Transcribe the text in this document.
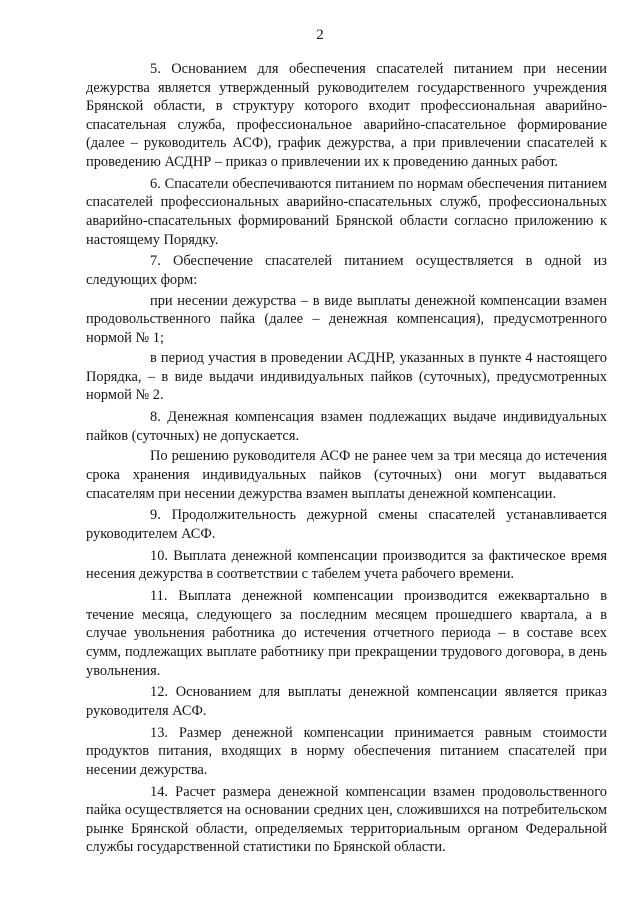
2

5. Основанием для обеспечения спасателей питанием при несении дежурства является утвержденный руководителем государственного учреждения Брянской области, в структуру которого входит профессиональная аварийно-спасательная служба, профессиональное аварийно-спасательное формирование (далее – руководитель АСФ), график дежурства, а при привлечении спасателей к проведению АСДНР – приказ о привлечении их к проведению данных работ.

6. Спасатели обеспечиваются питанием по нормам обеспечения питанием спасателей профессиональных аварийно-спасательных служб, профессиональных аварийно-спасательных формирований Брянской области согласно приложению к настоящему Порядку.

7. Обеспечение спасателей питанием осуществляется в одной из следующих форм:

при несении дежурства – в виде выплаты денежной компенсации взамен продовольственного пайка (далее – денежная компенсация), предусмотренного нормой № 1;

в период участия в проведении АСДНР, указанных в пункте 4 настоящего Порядка, – в виде выдачи индивидуальных пайков (суточных), предусмотренных нормой № 2.

8. Денежная компенсация взамен подлежащих выдаче индивидуальных пайков (суточных) не допускается.

По решению руководителя АСФ не ранее чем за три месяца до истечения срока хранения индивидуальных пайков (суточных) они могут выдаваться спасателям при несении дежурства взамен выплаты денежной компенсации.

9. Продолжительность дежурной смены спасателей устанавливается руководителем АСФ.

10. Выплата денежной компенсации производится за фактическое время несения дежурства в соответствии с табелем учета рабочего времени.

11. Выплата денежной компенсации производится ежеквартально в течение месяца, следующего за последним месяцем прошедшего квартала, а в случае увольнения работника до истечения отчетного периода – в составе всех сумм, подлежащих выплате работнику при прекращении трудового договора, в день увольнения.

12. Основанием для выплаты денежной компенсации является приказ руководителя АСФ.

13. Размер денежной компенсации принимается равным стоимости продуктов питания, входящих в норму обеспечения питанием спасателей при несении дежурства.

14. Расчет размера денежной компенсации взамен продовольственного пайка осуществляется на основании средних цен, сложившихся на потребительском рынке Брянской области, определяемых территориальным органом Федеральной службы государственной статистики по Брянской области.
